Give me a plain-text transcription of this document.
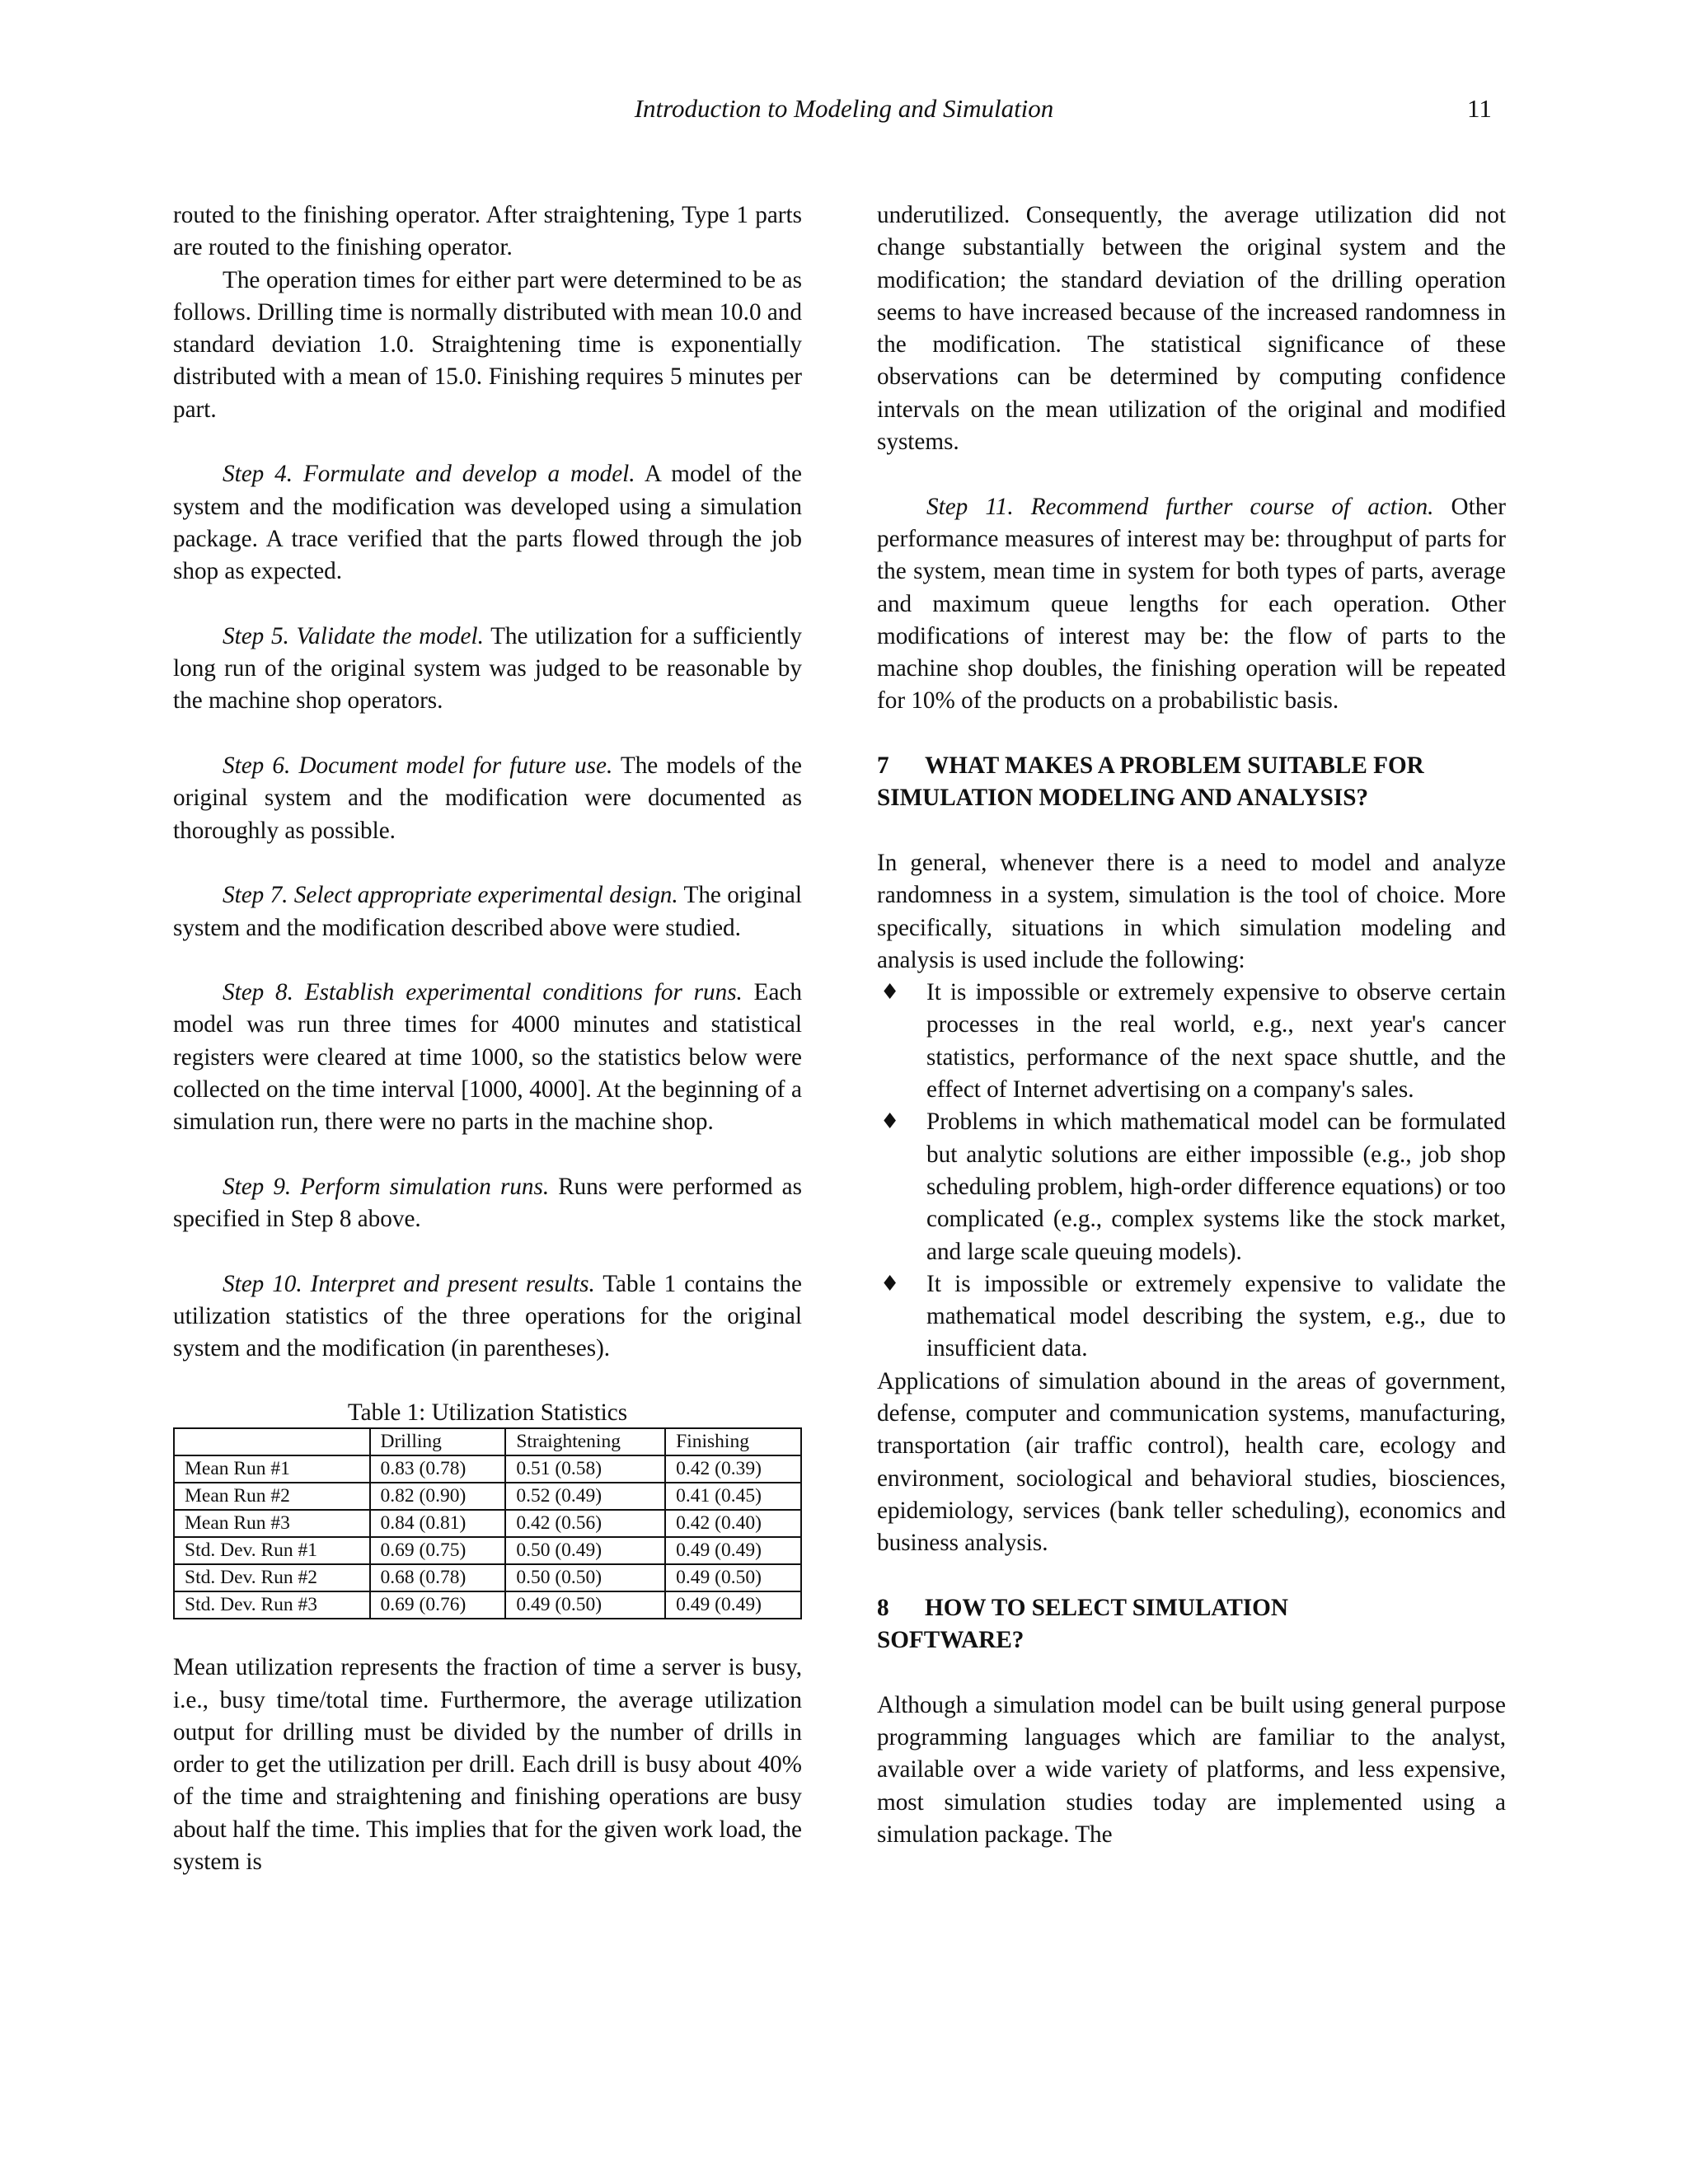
Introduction to Modeling and Simulation	11

routed to the finishing operator. After straightening, Type 1 parts are routed to the finishing operator.

The operation times for either part were determined to be as follows. Drilling time is normally distributed with mean 10.0 and standard deviation 1.0. Straightening time is exponentially distributed with a mean of 15.0. Finishing requires 5 minutes per part.

Step 4. Formulate and develop a model. A model of the system and the modification was developed using a simulation package. A trace verified that the parts flowed through the job shop as expected.

Step 5. Validate the model. The utilization for a sufficiently long run of the original system was judged to be reasonable by the machine shop operators.

Step 6. Document model for future use. The models of the original system and the modification were documented as thoroughly as possible.

Step 7. Select appropriate experimental design. The original system and the modification described above were studied.

Step 8. Establish experimental conditions for runs. Each model was run three times for 4000 minutes and statistical registers were cleared at time 1000, so the statistics below were collected on the time interval [1000, 4000]. At the beginning of a simulation run, there were no parts in the machine shop.

Step 9. Perform simulation runs. Runs were performed as specified in Step 8 above.

Step 10. Interpret and present results. Table 1 contains the utilization statistics of the three operations for the original system and the modification (in parentheses).

Table 1: Utilization Statistics

	Drilling	Straightening	Finishing
Mean Run #1	0.83 (0.78)	0.51 (0.58)	0.42 (0.39)
Mean Run #2	0.82 (0.90)	0.52 (0.49)	0.41 (0.45)
Mean Run #3	0.84 (0.81)	0.42 (0.56)	0.42 (0.40)
Std. Dev. Run #1	0.69 (0.75)	0.50 (0.49)	0.49 (0.49)
Std. Dev. Run #2	0.68 (0.78)	0.50 (0.50)	0.49 (0.50)
Std. Dev. Run #3	0.69 (0.76)	0.49 (0.50)	0.49 (0.49)

Mean utilization represents the fraction of time a server is busy, i.e., busy time/total time. Furthermore, the average utilization output for drilling must be divided by the number of drills in order to get the utilization per drill. Each drill is busy about 40% of the time and straightening and finishing operations are busy about half the time. This implies that for the given work load, the system is

underutilized. Consequently, the average utilization did not change substantially between the original system and the modification; the standard deviation of the drilling operation seems to have increased because of the increased randomness in the modification. The statistical significance of these observations can be determined by computing confidence intervals on the mean utilization of the original and modified systems.

Step 11. Recommend further course of action. Other performance measures of interest may be: throughput of parts for the system, mean time in system for both types of parts, average and maximum queue lengths for each operation. Other modifications of interest may be: the flow of parts to the machine shop doubles, the finishing operation will be repeated for 10% of the products on a probabilistic basis.

7 WHAT MAKES A PROBLEM SUITABLE FOR SIMULATION MODELING AND ANALYSIS?

In general, whenever there is a need to model and analyze randomness in a system, simulation is the tool of choice. More specifically, situations in which simulation modeling and analysis is used include the following:

♦ It is impossible or extremely expensive to observe certain processes in the real world, e.g., next year's cancer statistics, performance of the next space shuttle, and the effect of Internet advertising on a company's sales.
♦ Problems in which mathematical model can be formulated but analytic solutions are either impossible (e.g., job shop scheduling problem, high-order difference equations) or too complicated (e.g., complex systems like the stock market, and large scale queuing models).
♦ It is impossible or extremely expensive to validate the mathematical model describing the system, e.g., due to insufficient data.

Applications of simulation abound in the areas of government, defense, computer and communication systems, manufacturing, transportation (air traffic control), health care, ecology and environment, sociological and behavioral studies, biosciences, epidemiology, services (bank teller scheduling), economics and business analysis.

8 HOW TO SELECT SIMULATION
SOFTWARE?

Although a simulation model can be built using general purpose programming languages which are familiar to the analyst, available over a wide variety of platforms, and less expensive, most simulation studies today are implemented using a simulation package. The
